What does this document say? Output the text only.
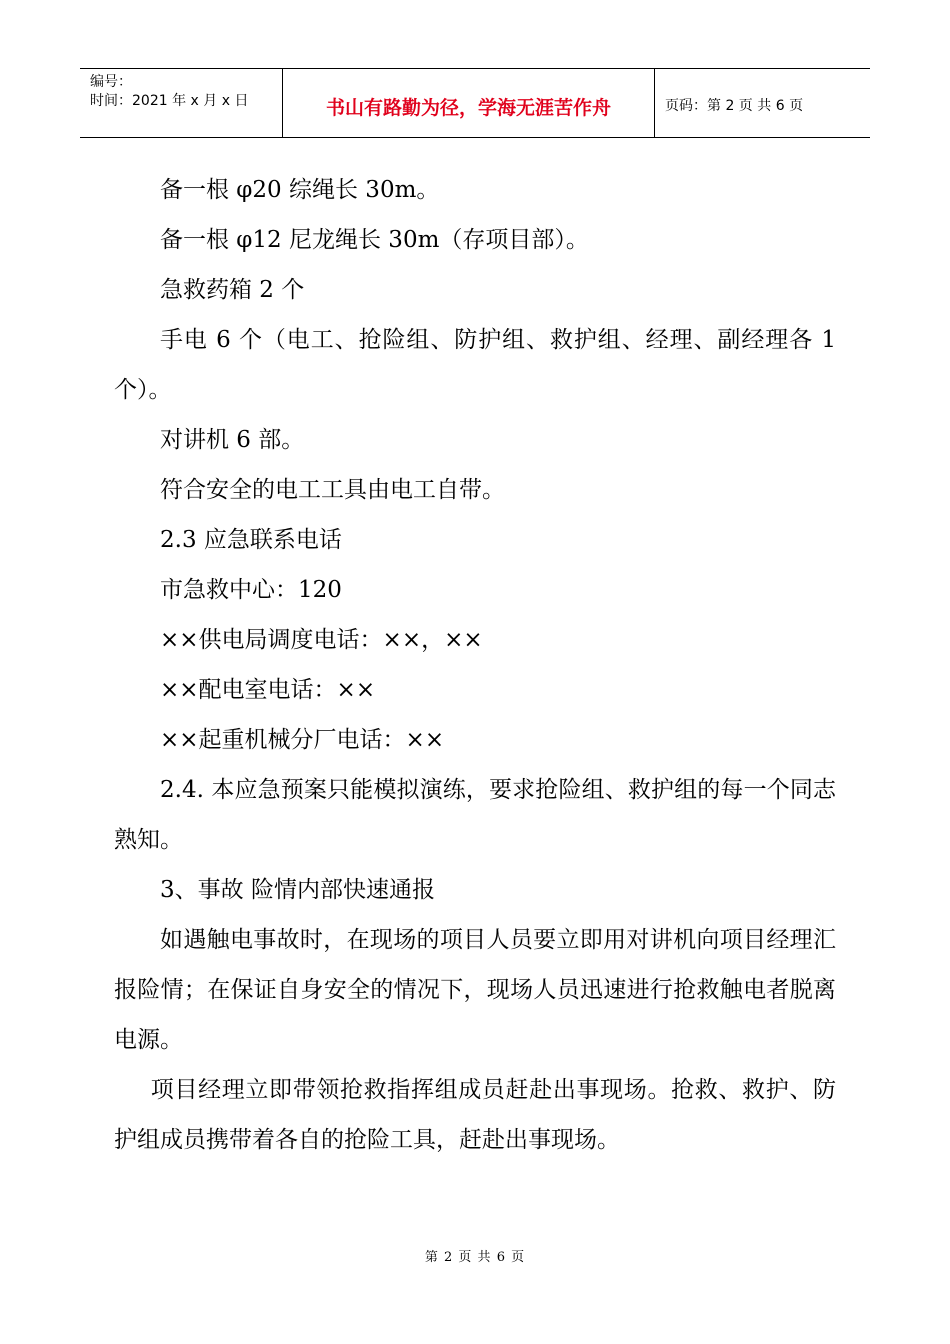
编号：
时间：2021 年 x 月 x 日	书山有路勤为径，学海无涯苦作舟	页码：第 2 页 共 6 页

备一根 φ20 综绳长 30m。

备一根 φ12 尼龙绳长 30m（存项目部）。

急救药箱 2 个

手电 6 个（电工、抢险组、防护组、救护组、经理、副经理各 1 个）。

对讲机 6 部。

符合安全的电工工具由电工自带。

2.3 应急联系电话

市急救中心：120

××供电局调度电话：××，××

××配电室电话：××

××起重机械分厂电话：××

2.4. 本应急预案只能模拟演练，要求抢险组、救护组的每一个同志熟知。

3、事故 险情内部快速通报

如遇触电事故时，在现场的项目人员要立即用对讲机向项目经理汇报险情；在保证自身安全的情况下，现场人员迅速进行抢救触电者脱离电源。

项目经理立即带领抢救指挥组成员赶赴出事现场。抢救、救护、防护组成员携带着各自的抢险工具，赶赴出事现场。

第 2 页 共 6 页
